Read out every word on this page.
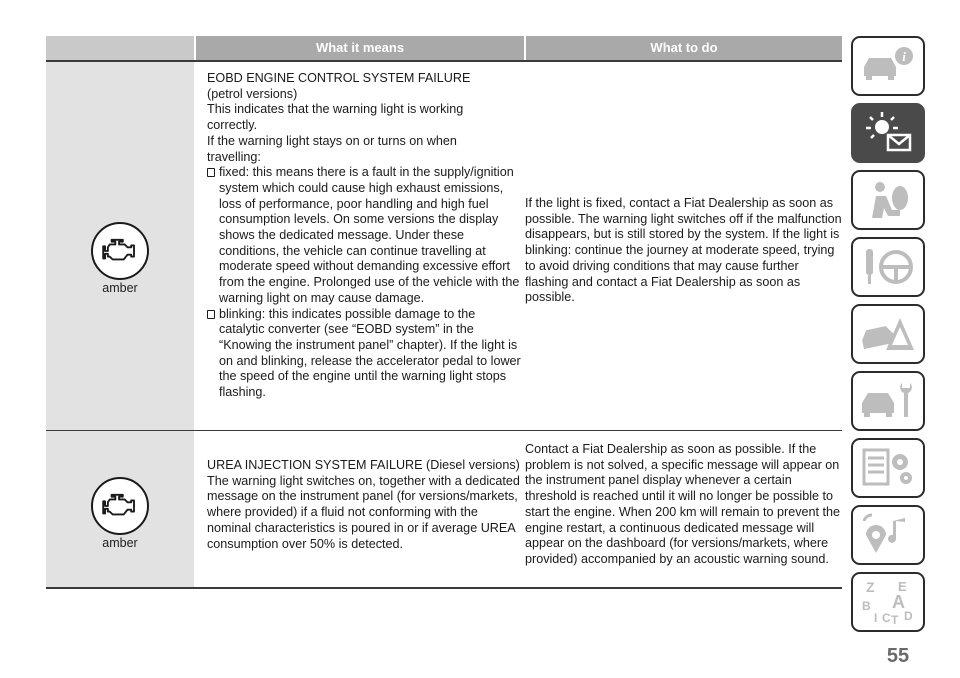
What it means	What to do
amber

EOBD ENGINE CONTROL SYSTEM FAILURE

(petrol versions)

This indicates that the warning light is working

correctly.

If the warning light stays on or turns on when

travelling:

fixed: this means there is a fault in the supply/ignition system which could cause high exhaust emissions, loss of performance, poor handling and high fuel consumption levels. On some versions the display shows the dedicated message. Under these conditions, the vehicle can continue travelling at moderate speed without demanding excessive effort from the engine. Prolonged use of the vehicle with the warning light on may cause damage.

blinking: this indicates possible damage to the catalytic converter (see “EOBD system” in the “Knowing the instrument panel” chapter). If the light is on and blinking, release the accelerator pedal to lower the speed of the engine until the warning light stops flashing.

If the light is fixed, contact a Fiat Dealership as soon as possible. The warning light switches off if the malfunction disappears, but is still stored by the system. If the light is blinking: continue the journey at moderate speed, trying to avoid driving conditions that may cause further flashing and contact a Fiat Dealership as soon as possible.
amber
UREA INJECTION SYSTEM FAILURE (Diesel versions) The warning light switches on, together with a dedicated message on the instrument panel (for versions/markets, where provided) if a fluid not conforming with the nominal characteristics is poured in or if average UREA consumption over 50% is detected.
Contact a Fiat Dealership as soon as possible. If the problem is not solved, a specific message will appear on the instrument panel display whenever a certain threshold is reached until it will no longer be possible to start the engine. When 200 km will remain to prevent the engine restart, a continuous dedicated message will appear on the dashboard (for versions/markets, where provided) accompanied by an acoustic warning sound.
i
Z E
A
B
I C T D
55
